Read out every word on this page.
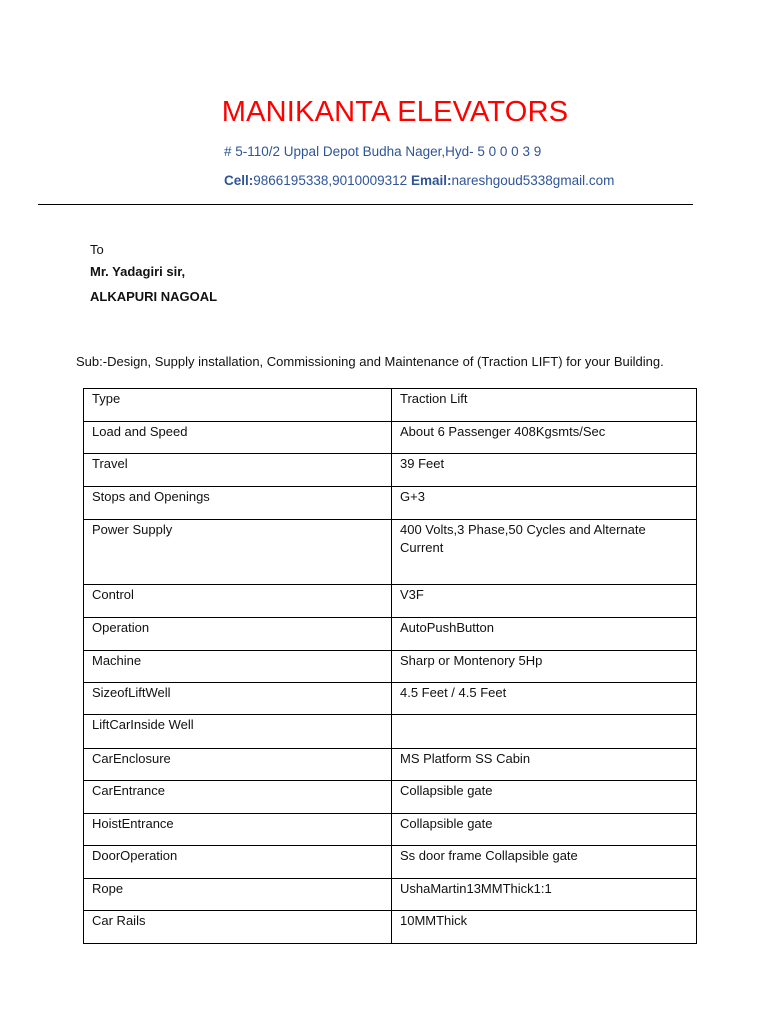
MANIKANTA ELEVATORS
# 5-110/2 Uppal Depot Budha Nager,Hyd- 5 0 0 0 3 9
Cell:9866195338,9010009312 Email:nareshgoud5338gmail.com
To
Mr. Yadagiri sir,
ALKAPURI NAGOAL
Sub:-Design, Supply installation, Commissioning and Maintenance of (Traction LIFT) for your Building.
Type	Traction Lift
Load and Speed	About 6 Passenger 408Kgsmts/Sec
Travel	39 Feet
Stops and Openings	G+3
Power Supply	400 Volts,3 Phase,50 Cycles and Alternate Current
Control	V3F
Operation	AutoPushButton
Machine	Sharp or Montenory 5Hp
SizeofLiftWell	4.5 Feet / 4.5 Feet
LiftCarInside Well	
CarEnclosure	MS Platform SS Cabin
CarEntrance	Collapsible gate
HoistEntrance	Collapsible gate
DoorOperation	Ss door frame Collapsible gate
Rope	UshaMartin13MMThick1:1
Car Rails	10MMThick
